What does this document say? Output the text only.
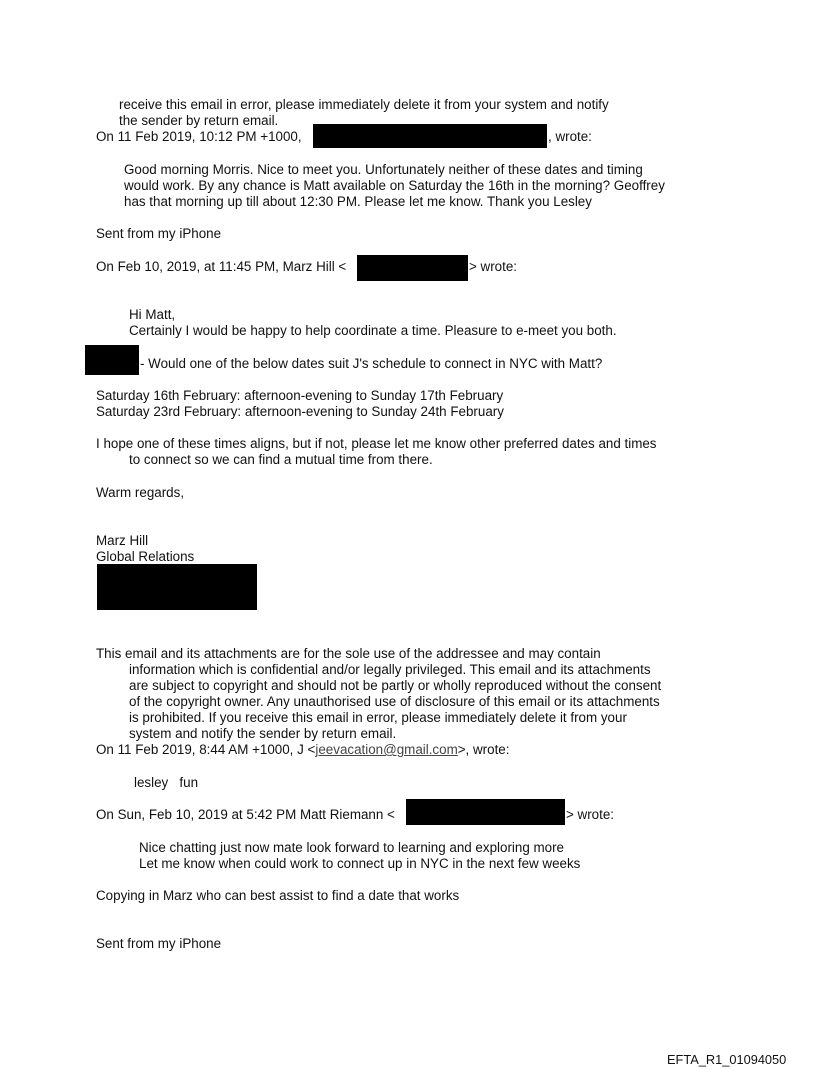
receive this email in error, please immediately delete it from your system and notify
the sender by return email.
On 11 Feb 2019, 10:12 PM +1000,	, wrote:
Good morning Morris. Nice to meet you. Unfortunately neither of these dates and timing
would work. By any chance is Matt available on Saturday the 16th in the morning? Geoffrey
has that morning up till about 12:30 PM. Please let me know. Thank you Lesley
Sent from my iPhone
On Feb 10, 2019, at 11:45 PM, Marz Hill <	> wrote:
Hi Matt,
Certainly I would be happy to help coordinate a time. Pleasure to e-meet you both.
- Would one of the below dates suit J's schedule to connect in NYC with Matt?
Saturday 16th February: afternoon-evening to Sunday 17th February
Saturday 23rd February: afternoon-evening to Sunday 24th February
I hope one of these times aligns, but if not, please let me know other preferred dates and times
to connect so we can find a mutual time from there.
Warm regards,
Marz Hill
Global Relations
This email and its attachments are for the sole use of the addressee and may contain
information which is confidential and/or legally privileged. This email and its attachments
are subject to copyright and should not be partly or wholly reproduced without the consent
of the copyright owner. Any unauthorised use of disclosure of this email or its attachments
is prohibited. If you receive this email in error, please immediately delete it from your
system and notify the sender by return email.
On 11 Feb 2019, 8:44 AM +1000, J <jeevacation@gmail.com>, wrote:
lesley   fun
On Sun, Feb 10, 2019 at 5:42 PM Matt Riemann <	> wrote:
Nice chatting just now mate look forward to learning and exploring more
Let me know when could work to connect up in NYC in the next few weeks
Copying in Marz who can best assist to find a date that works
Sent from my iPhone
EFTA_R1_01094050
